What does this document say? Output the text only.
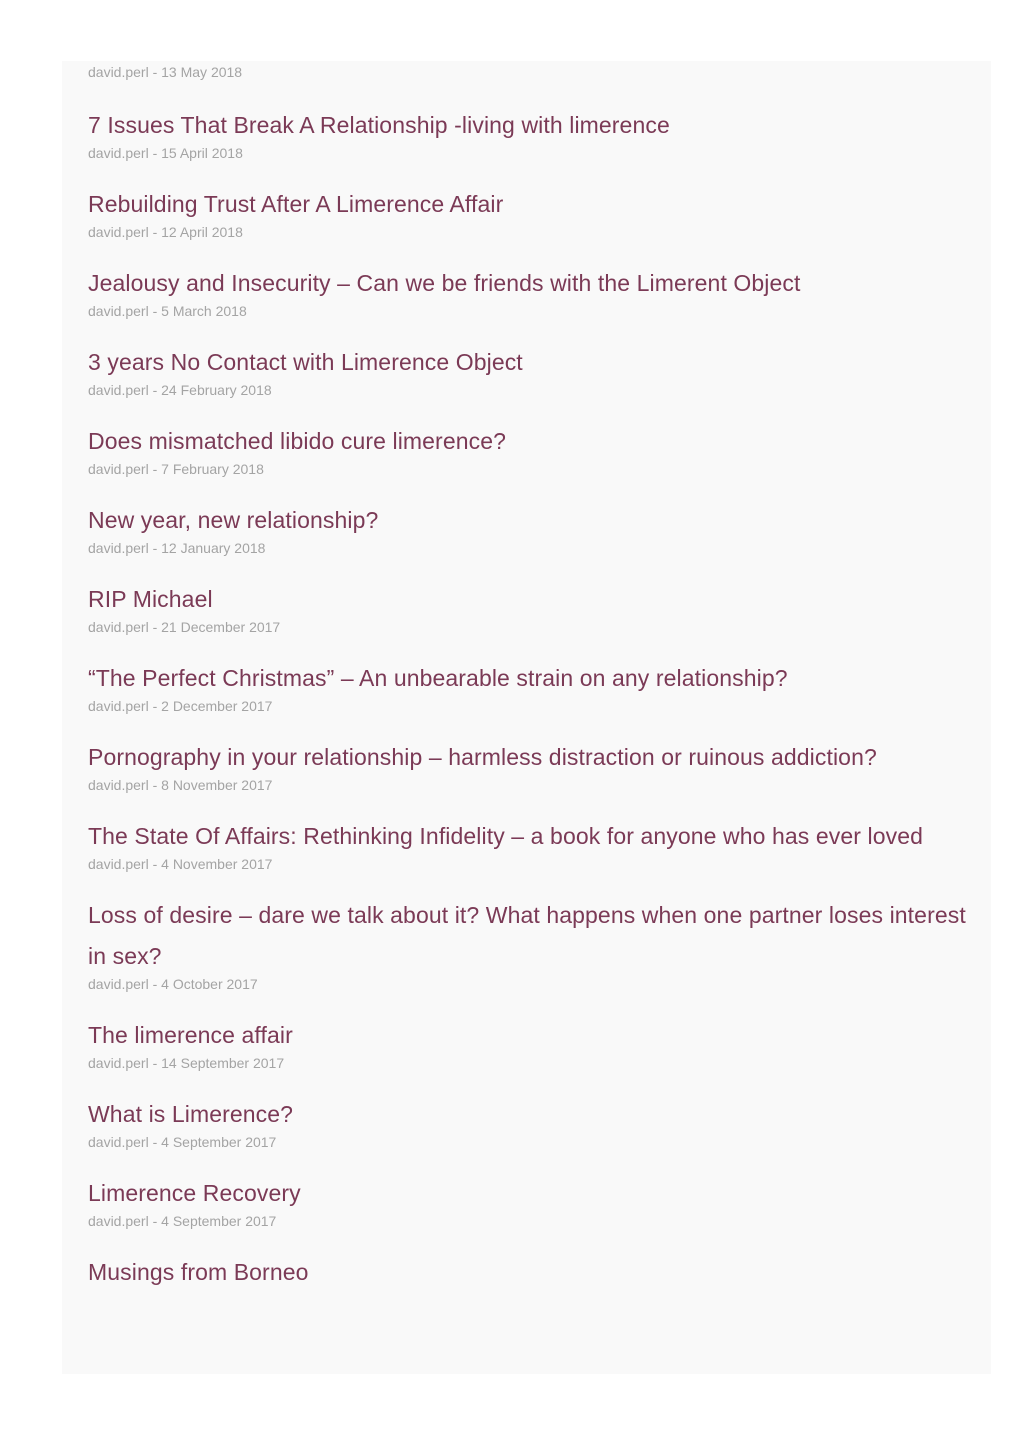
david.perl - 13 May 2018
7 Issues That Break A Relationship -living with limerence
david.perl - 15 April 2018
Rebuilding Trust After A Limerence Affair
david.perl - 12 April 2018
Jealousy and Insecurity – Can we be friends with the Limerent Object
david.perl - 5 March 2018
3 years No Contact with Limerence Object
david.perl - 24 February 2018
Does mismatched libido cure limerence?
david.perl - 7 February 2018
New year, new relationship?
david.perl - 12 January 2018
RIP Michael
david.perl - 21 December 2017
“The Perfect Christmas” – An unbearable strain on any relationship?
david.perl - 2 December 2017
Pornography in your relationship – harmless distraction or ruinous addiction?
david.perl - 8 November 2017
The State Of Affairs: Rethinking Infidelity – a book for anyone who has ever loved
david.perl - 4 November 2017
Loss of desire – dare we talk about it? What happens when one partner loses interest in sex?
david.perl - 4 October 2017
The limerence affair
david.perl - 14 September 2017
What is Limerence?
david.perl - 4 September 2017
Limerence Recovery
david.perl - 4 September 2017
Musings from Borneo
